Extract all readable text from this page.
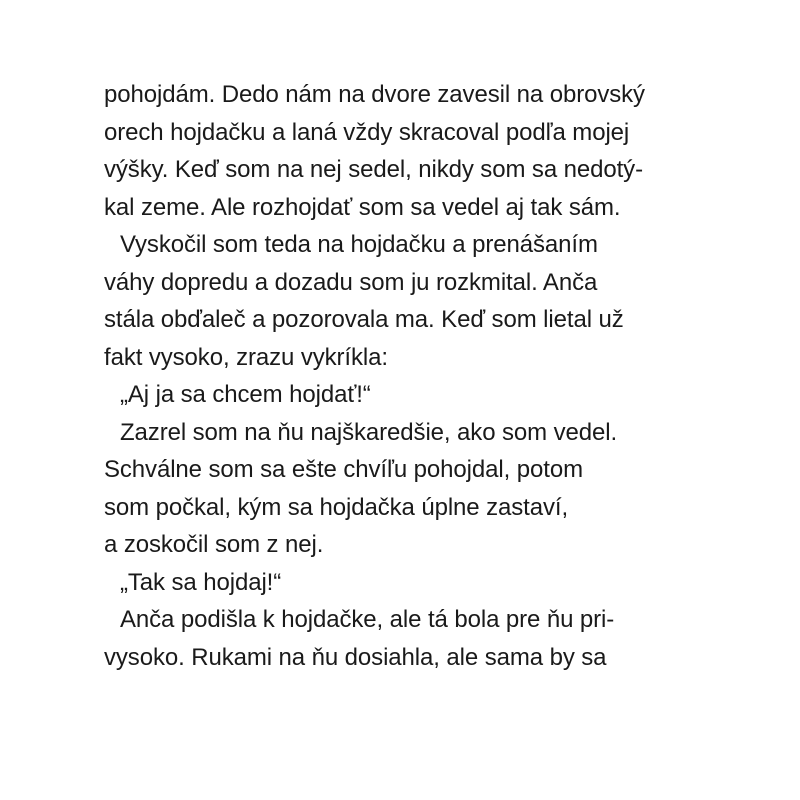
pohojdám. Dedo nám na dvore zavesil na obrovský
orech hojdačku a laná vždy skracoval podľa mojej
výšky. Keď som na nej sedel, nikdy som sa nedotý-
kal zeme. Ale rozhojdať som sa vedel aj tak sám.
Vyskočil som teda na hojdačku a prenášaním
váhy dopredu a dozadu som ju rozkmital. Anča
stála obďaleč a pozorovala ma. Keď som lietal už
fakt vysoko, zrazu vykríkla:
„Aj ja sa chcem hojdať!“
Zazrel som na ňu najškaredšie, ako som vedel.
Schválne som sa ešte chvíľu pohojdal, potom
som počkal, kým sa hojdačka úplne zastaví,
a zoskočil som z nej.
„Tak sa hojdaj!“
Anča podišla k hojdačke, ale tá bola pre ňu pri-
vysoko. Rukami na ňu dosiahla, ale sama by sa
